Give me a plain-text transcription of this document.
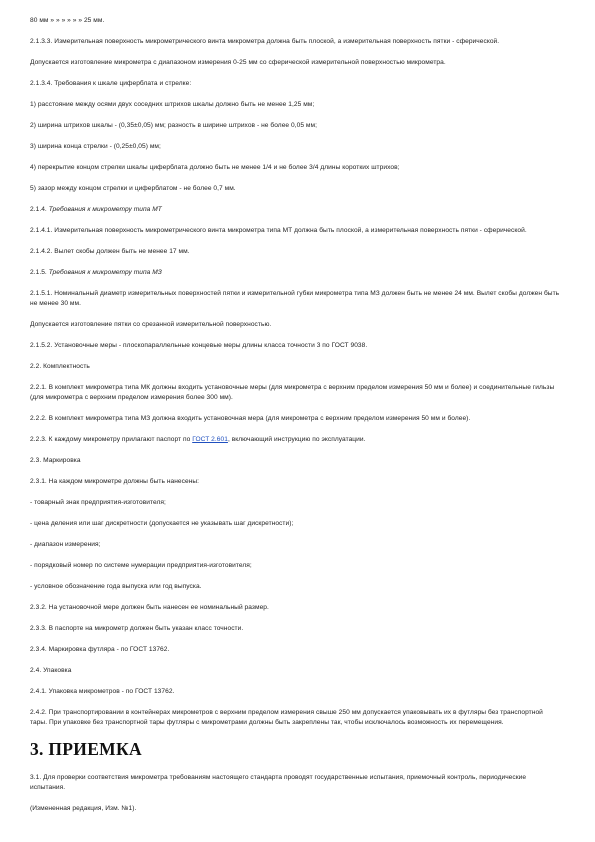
80 мм » » » » » » 25 мм.

2.1.3.3. Измерительная поверхность микрометрического винта микрометра должна быть плоской, а измерительная поверхность пятки - сферической.

Допускается изготовление микрометра с диапазоном измерения 0-25 мм со сферической измерительной поверхностью микрометра.

2.1.3.4. Требования к шкале циферблата и стрелке:

1) расстояние между осями двух соседних штрихов шкалы должно быть не менее 1,25 мм;

2) ширина штрихов шкалы - (0,35±0,05) мм; разность в ширине штрихов - не более 0,05 мм;

3) ширина конца стрелки - (0,25±0,05) мм;

4) перекрытие концом стрелки шкалы циферблата должно быть не менее 1/4 и не более 3/4 длины коротких штрихов;

5) зазор между концом стрелки и циферблатом - не более 0,7 мм.

2.1.4. Требования к микрометру типа МТ

2.1.4.1. Измерительная поверхность микрометрического винта микрометра типа МТ должна быть плоской, а измерительная поверхность пятки - сферической.

2.1.4.2. Вылет скобы должен быть не менее 17 мм.

2.1.5. Требования к микрометру типа МЗ

2.1.5.1. Номинальный диаметр измерительных поверхностей пятки и измерительной губки микрометра типа МЗ должен быть не менее 24 мм. Вылет скобы должен быть не менее 30 мм.

Допускается изготовление пятки со срезанной измерительной поверхностью.

2.1.5.2. Установочные меры - плоскопараллельные концевые меры длины класса точности 3 по ГОСТ 9038.

2.2. Комплектность

2.2.1. В комплект микрометра типа МК должны входить установочные меры (для микрометра с верхним пределом измерения 50 мм и более) и соединительные гильзы (для микрометра с верхним пределом измерения более 300 мм).

2.2.2. В комплект микрометра типа МЗ должна входить установочная мера (для микрометра с верхним пределом измерения 50 мм и более).

2.2.3. К каждому микрометру прилагают паспорт по ГОСТ 2.601, включающий инструкцию по эксплуатации.

2.3. Маркировка

2.3.1. На каждом микрометре должны быть нанесены:

- товарный знак предприятия-изготовителя;

- цена деления или шаг дискретности (допускается не указывать шаг дискретности);

- диапазон измерения;

- порядковый номер по системе нумерации предприятия-изготовителя;

- условное обозначение года выпуска или год выпуска.

2.3.2. На установочной мере должен быть нанесен ее номинальный размер.

2.3.3. В паспорте на микрометр должен быть указан класс точности.

2.3.4. Маркировка футляра - по ГОСТ 13762.

2.4. Упаковка

2.4.1. Упаковка микрометров - по ГОСТ 13762.

2.4.2. При транспортировании в контейнерах микрометров с верхним пределом измерения свыше 250 мм допускается упаковывать их в футляры без транспортной тары. При упаковке без транспортной тары футляры с микрометрами должны быть закреплены так, чтобы исключалось возможность их перемещения.

3. ПРИЕМКА

3.1. Для проверки соответствия микрометра требованиям настоящего стандарта проводят государственные испытания, приемочный контроль, периодические испытания.

(Измененная редакция, Изм. №1).
